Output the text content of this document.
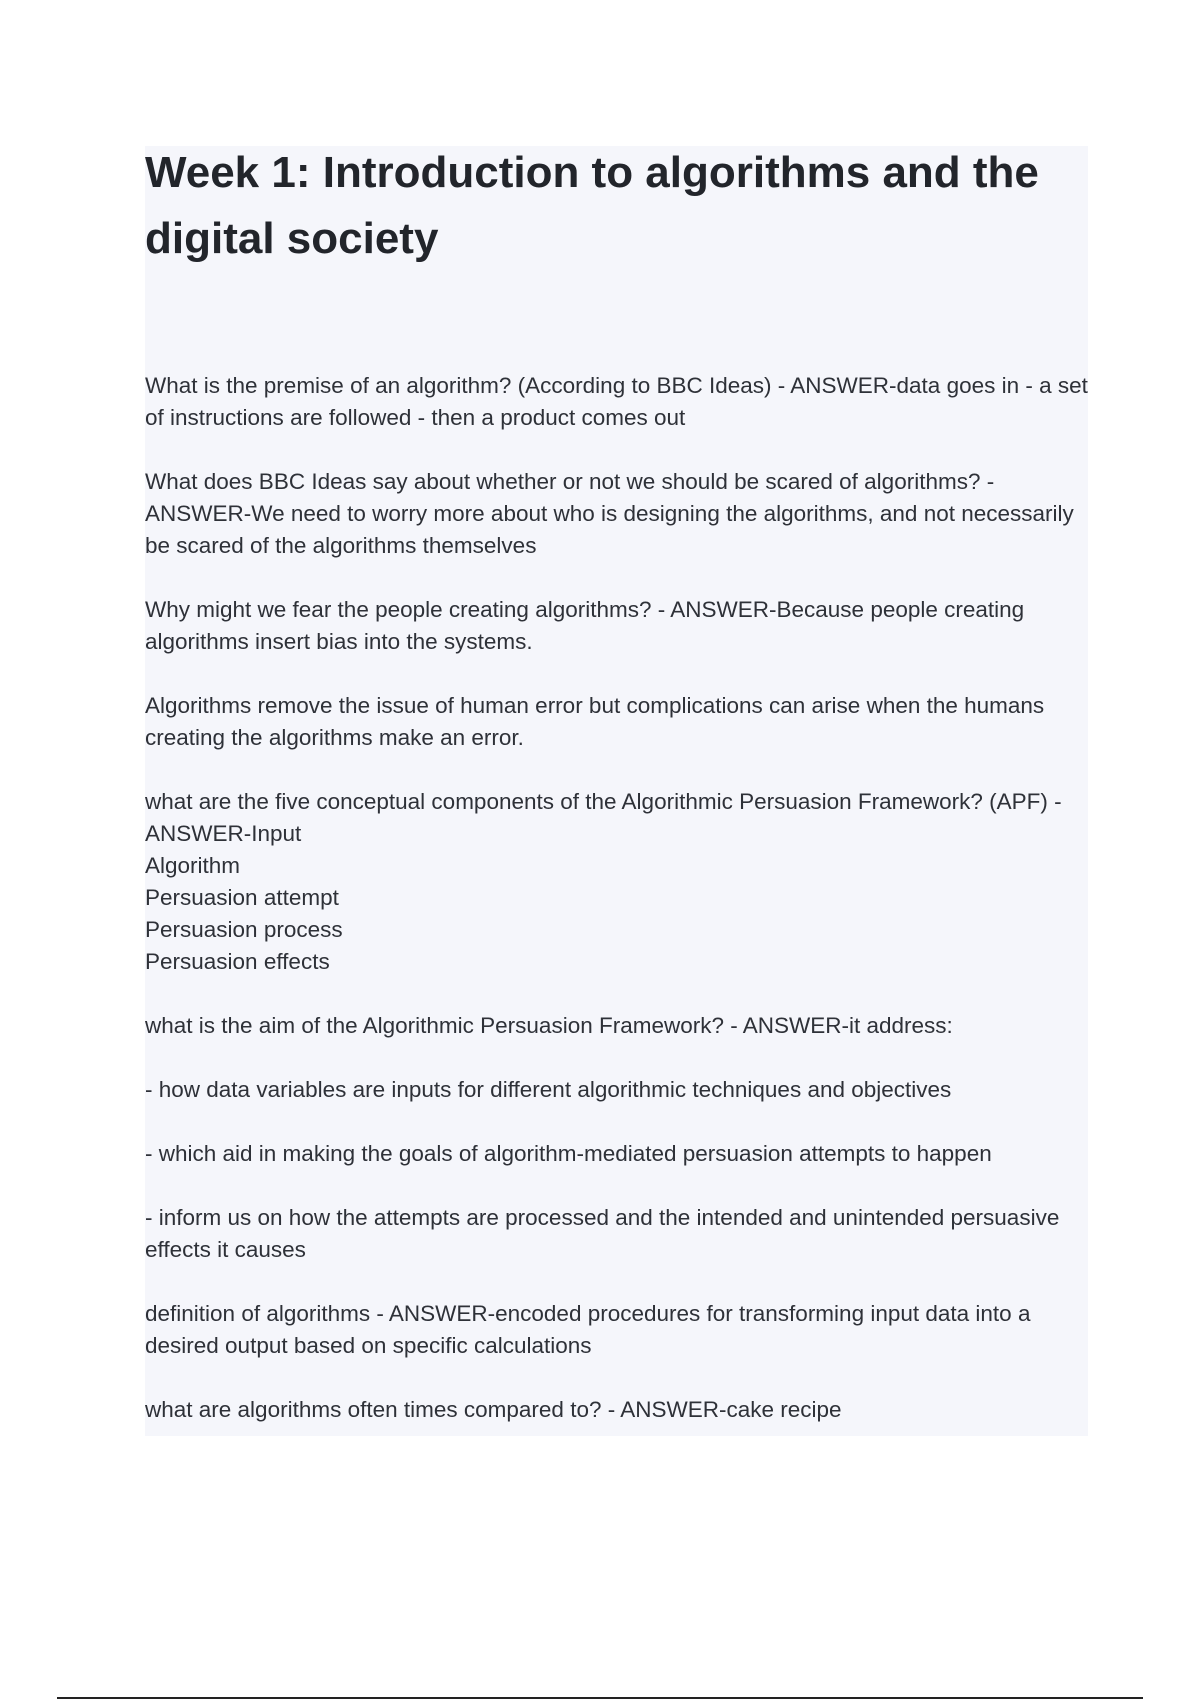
Week 1: Introduction to algorithms and the digital society

What is the premise of an algorithm? (According to BBC Ideas) - ANSWER-data goes in - a set of instructions are followed - then a product comes out

What does BBC Ideas say about whether or not we should be scared of algorithms? - ANSWER-We need to worry more about who is designing the algorithms, and not necessarily be scared of the algorithms themselves

Why might we fear the people creating algorithms? - ANSWER-Because people creating algorithms insert bias into the systems.

Algorithms remove the issue of human error but complications can arise when the humans creating the algorithms make an error.

what are the five conceptual components of the Algorithmic Persuasion Framework? (APF) - ANSWER-Input
Algorithm
Persuasion attempt
Persuasion process
Persuasion effects

what is the aim of the Algorithmic Persuasion Framework? - ANSWER-it address:

- how data variables are inputs for different algorithmic techniques and objectives

- which aid in making the goals of algorithm-mediated persuasion attempts to happen

- inform us on how the attempts are processed and the intended and unintended persuasive effects it causes

definition of algorithms - ANSWER-encoded procedures for transforming input data into a desired output based on specific calculations

what are algorithms often times compared to? - ANSWER-cake recipe
